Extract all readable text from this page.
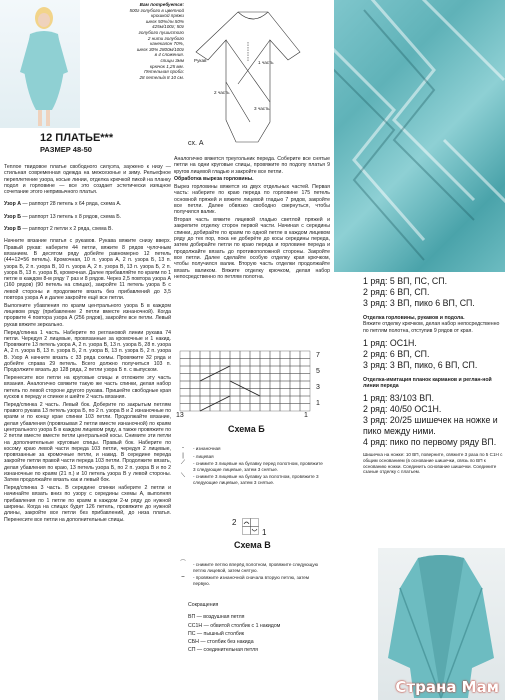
Вам потребуется:
500г голубого в цветной
крошкой пряжи
шелк 50%/лн.50%
425м/100г; 50г
голубого пушистого
2 нити голубого
канекалон 70%,
шелк 30% 2800м/100г
в 4 сложения.
спицы 3мм
крючок 1,25 мм.
Петельная проба:
28 петель/в 8 10 см.
12 ПЛАТЬЕ***
РАЗМЕР 48-50
Рукав	1 часть
2 часть
3 часть
сх. А

Теплое твидовое платье свободного силуэта, заужено к низу — стильная современная одежда на межсезонье и зиму. Рельефное переплетение узора, косые линии, отделка крючкой пикой на планку подол и горловине — все это создает эстетически изящное сочетание этого непривычного платья.

Узор А — раппорт 28 петель х 64 ряда, схема А.

Узор Б — раппорт 13 петель х 8 рядов, схема Б.

Узор В — раппорт 2 петли х 2 ряда, схема В.

Начните вязание платья с рукавов. Рукава вяжите снизу вверх. Правый рукав: наберите 44 петли, вяжите 8 рядов чулочным вязанием. В десятом ряду добейте равномерно 12 петель (44+12=56 петель). Кромочная, 10 п. узора А, 2 п. узора Б, 13 п. узора Б, 2 п. узора В, 10 п. узора А, 2 п. узора В, 13 п. узора Б, 2 п. узора В, 13 п. узора В, кромочная. Далее прибавляйте по краям по 1 петле в каждом 8-м ряду 7 раз и 8 рядов. Через 2,5 повтора узора А (160 рядов) (90 петель на спицах), закройте 11 петель узора Б с левой стороны и продолжите вязать без прибавлений до 3,5 повтора узора А и далее закройте ещё все петли.

Выполните убавления по краям центрального узора Б в каждом лицевом ряду (прибавление 2 петли вместе изнаночной). Когда прорвите 4 повтора узора А (256 рядов), закройте все петли. Левый рукав вяжите зеркально.

Перед/спинка 1 часть. Наберите по реглановой линии рукава 74 петли. Чередуя 2 лицевые, провязанные за кромочные и 1 накид. Провяжите 13 петель узора А, 2 п. узора В, 13 п. узора Б, 28 п. узора А, 2 п. узора В, 13 п. узора Б, 2 п. узора В, 13 п. узора Б, 2 п. узора В. Узор А начните вязать с 33 ряда схемы. Провяжите 32 ряда и добейте справа 29 петель. Всего должно получиться 103 п. Продолжите вязать до 128 ряда, 2 петли узора Б п. с выпуском.

Перенесите все петли на круговые спицы и отложите эту часть вязания. Аналогично свяжите такую же часть спинки, делая набор петель по левой стороне другого рукава. Пришейте свободные края кусков к переду и спинке и шейте 2 часть вязания.

Перед/спинка 2 часть. Левый бок. Доберите по закрытым петлям правого рукава 13 петель узора Б, по 2 п. узора В и 2 изнаночные по краям и по концу крае спинки 103 петли. Продолжайте вязание, делая убавления (провязывая 2 петли вместе изнаночной) по краям центрального узора Б в каждом лицевом ряду, а также провяжите по 2 петли вместе вместе петли центральной косы. Снимите эти петли на дополнительные круговые спицы. Правый бок. Наберите по косому краю левой части переда 103 петли, чередуя 2 лицевые, провязанные за кромочные петли, и накид. В середине переда закройте петли правой части переда 103 петли. Продолжите вязать, делая убавления по краю, 13 петель узора Б, по 2 п. узора В и по 2 изнаночные по краям (21 п.) и 10 петель узора В у левой стороны. Затем продолжайте вязать как и левый бок.

Перед/спинка 3 часть. В середине спинки наберите 2 петли и начинайте вязать вниз по узору с середины схемы А, выполняя прибавления по 1 петле по краям в каждом 2-м ряду до нужной ширины. Когда на спицах будет 126 петель, провяжите до нужной длины, закройте все петли без прибавлений, до низа платья. Перенесите все петли на дополнительные спицы.

Аналогично вяжется треугольник переда. Соберите все снятые петли на одни круговые спицы, провяжите по подолу платья 9 кругов лицевой гладью и закройте все петли.

Обработка выреза горловины.

Вырез горловины вяжется из двух отдельных частей. Первая часть: наберите по краю переда по горловине 175 петель основной пряжей и вяжите лицевой гладью 7 рядов, закройте все петли. Далее обвязко свободно свернуться, чтобы получился валик.

Вторая часть вяжите лицевой гладью светлой пряжей и закрепите отделку сторон первой части. Начиная с середины спинки, добирайте по краям по одной петле в каждом лицевом ряду до тех пор, пока не доберёте до косы середины переда, затем добирайте петли по краю переда и горловине переда и продолжайте вязать до противоположной стороны. Закройте все петли. Далее сделайте особую отделку края крючком, чтобы получился валик. Вторую часть отделки продолжайте вязать валиком. Вяжите отделку крючком, делая набор непосредственно по петлям полотна.

7
5
3
1
13	1
Схема Б
-	- изнаночная
|	- лицевая
⟋	- снимите 3 лицевые на булавку перед полотном, провяжите 3 следующие лицевые, затем 3 снятые.
⟍	- снимите 3 лицевые на булавку за полотном, провяжите 3 следующие лицевые, затем 3 снятые.
2
1
Схема В
⌒	- снимите петлю вперёд полотном, провяжите следующую петлю лицевой, затем снятую.
⌣	- провяжите изнаночной сначала вторую петлю, затем первую.
Сокращения
ВП — воздушная петля
СС1Н — обвитой столбик с 1 накидом
ПС — пышный столбик
СБН — столбик без накида
СП — соединительная петля

1 ряд: 5 ВП, ПС, СП.

2 ряд: 6 ВП, СП.

3 ряд: 3 ВП, пико 6 ВП, СП.

Отделка горловины, рукавов и подола.

Вяжите отделку крючком, делая набор непосредственно по петлям полотна, отступив 9 рядов от края.

1 ряд: ОС1Н.

2 ряд: 6 ВП, СП.

3 ряд: 3 ВП, пико, 6 ВП, СП.

Отделка-имитация планок карманов и реглан-ной линии переда

1 ряд: 83/103 ВП.

2 ряд: 40/50 ОС1Н.

3 ряд: 20/25 шишечек на ножке и пико между ними.

4 ряд: пико по первому ряду ВП.

Шишечка на ножке: 10 ВП, поверните, свяжите 3 раза по 5 С1Н с общим основанием (в основание шишечки, связь по ВП к основанию ножки. Соединить основание шишечки. Соедините сзаные отделку с платьем.

Страна Мам
